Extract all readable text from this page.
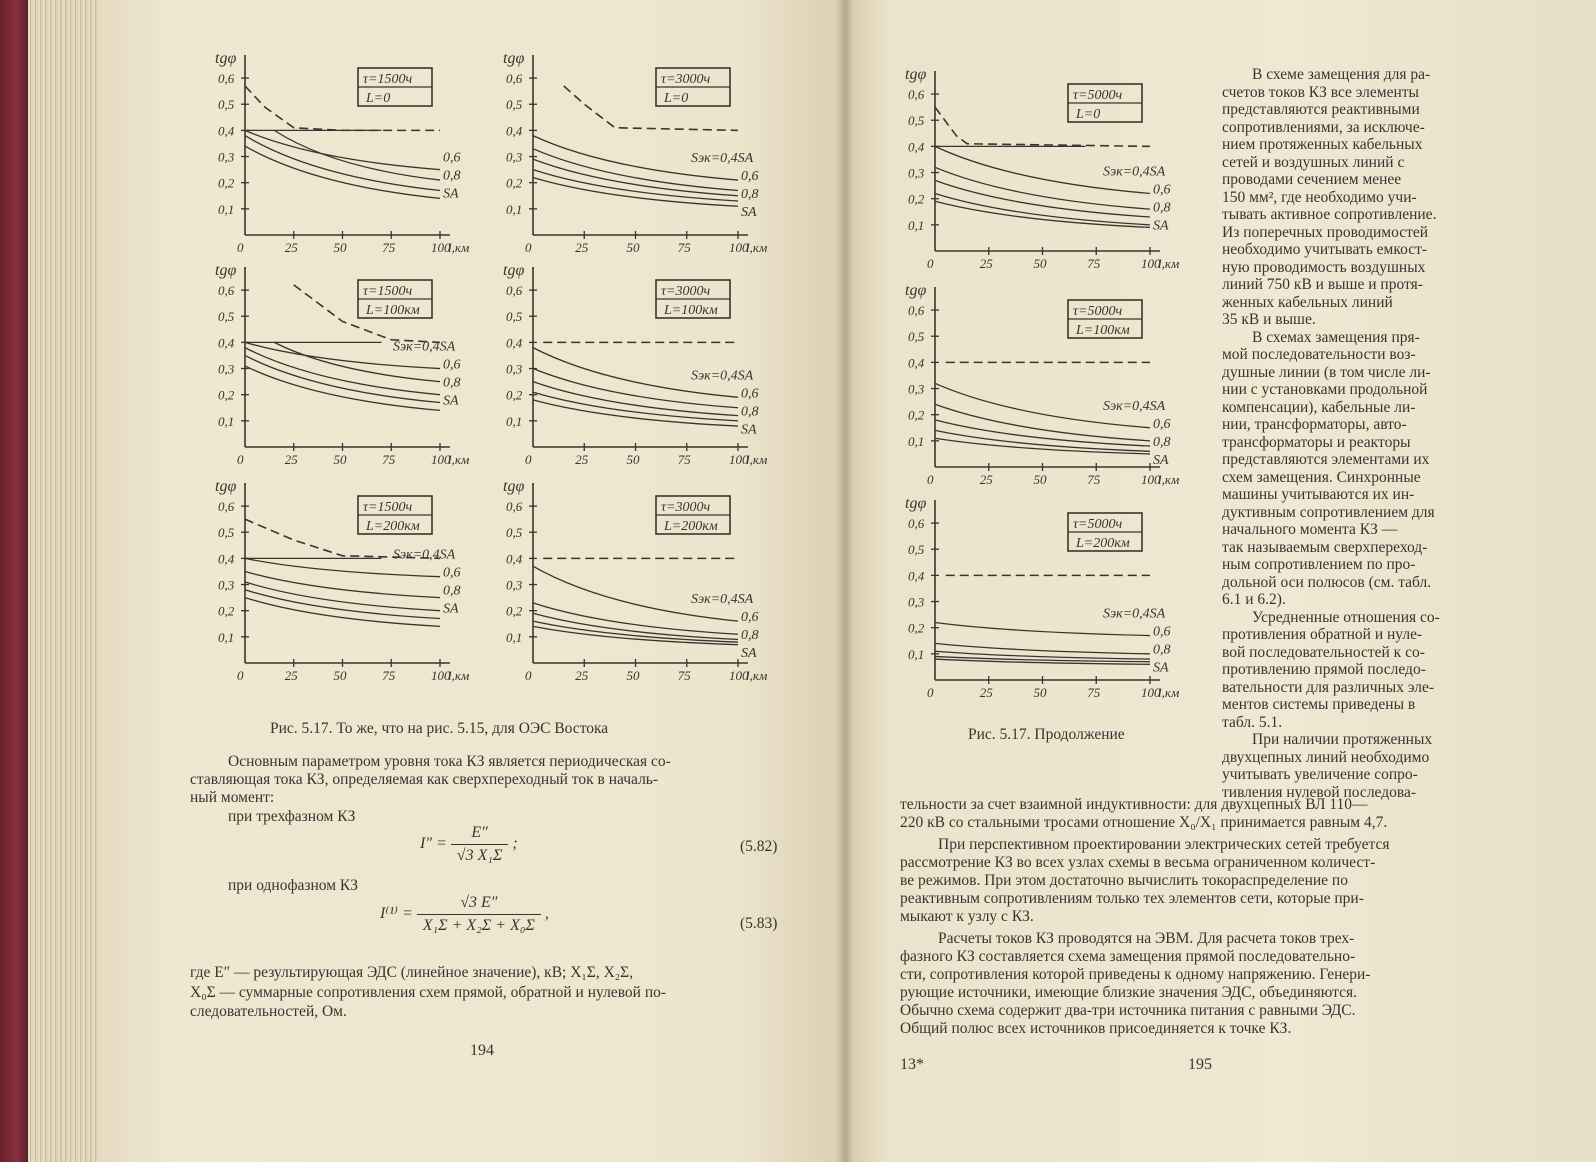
tgφ
0,1
0,2
0,3
0,4
0,5
0,6
0	25	50	75	100
l,км
τ=1500ч
L=0
0,6
0,8
SA
tgφ
0,1
0,2
0,3
0,4
0,5
0,6
0	25	50	75	100
l,км
τ=3000ч
L=0
Sэк=0,4SA
0,6
0,8
SA
tgφ
0,1
0,2
0,3
0,4
0,5
0,6
0	25	50	75	100
l,км
τ=1500ч
L=100км
Sэк=0,4SA
0,6
0,8
SA
tgφ
0,1
0,2
0,3
0,4
0,5
0,6
0	25	50	75	100
l,км
τ=3000ч
L=100км
Sэк=0,4SA
0,6
0,8
SA
tgφ
0,1
0,2
0,3
0,4
0,5
0,6
0	25	50	75	100
l,км
τ=1500ч
L=200км
Sэк=0,4SA
0,6
0,8
SA
tgφ
0,1
0,2
0,3
0,4
0,5
0,6
0	25	50	75	100
l,км
τ=3000ч
L=200км
Sэк=0,4SA
0,6
0,8
SA
tgφ
0,1
0,2
0,3
0,4
0,5
0,6
0	25	50	75	100
l,км
τ=5000ч
L=0
Sэк=0,4SA
0,6
0,8
SA
tgφ
0,1
0,2
0,3
0,4
0,5
0,6
0	25	50	75	100
l,км
τ=5000ч
L=100км
Sэк=0,4SA
0,6
0,8
SA
tgφ
0,1
0,2
0,3
0,4
0,5
0,6
0	25	50	75	100
l,км
τ=5000ч
L=200км
Sэк=0,4SA
0,6
0,8
SA
Рис. 5.17. То же, что на рис. 5.15, для ОЭС Востока
Основным параметром уровня тока КЗ является периодическая со-
ставляющая тока КЗ, определяемая как сверхпереходный ток в началь-
ный момент:
при трехфазном КЗ
$I'' = \frac{E''}{\text{√3 X₁Σ}}$ ;	(5.82)
при однофазном КЗ
$I^{(1)} = \frac{√3 E''}{\text{X₁Σ + X₂Σ + X₀Σ}}$ ,
(5.83)
где E″ — результирующая ЭДС (линейное значение), кВ; X₁Σ, X₂Σ,
X₀Σ — суммарные сопротивления схем прямой, обратной и нулевой по-
следовательностей, Ом.
194
Рис. 5.17. Продолжение

В схеме замещения для ра-

счетов токов КЗ все элементы

представляются реактивными

сопротивлениями, за исключе-

нием протяженных кабельных

сетей и воздушных линий с

проводами сечением менее

150 мм², где необходимо учи-

тывать активное сопротивление.

Из поперечных проводимостей

необходимо учитывать емкост-

ную проводимость воздушных

линий 750 кВ и выше и протя-

женных кабельных линий

35 кВ и выше.

В схемах замещения пря-

мой последовательности воз-

душные линии (в том числе ли-

нии с установками продольной

компенсации), кабельные ли-

нии, трансформаторы, авто-

трансформаторы и реакторы

представляются элементами их

схем замещения. Синхронные

машины учитываются их ин-

дуктивным сопротивлением для

начального момента КЗ —

так называемым сверхпереход-

ным сопротивлением по про-

дольной оси полюсов (см. табл.

6.1 и 6.2).

Усредненные отношения со-

противления обратной и нуле-

вой последовательностей к со-

противлению прямой последо-

вательности для различных эле-

ментов системы приведены в

табл. 5.1.

При наличии протяженных

двухцепных линий необходимо

учитывать увеличение сопро-

тивления нулевой последова-

тельности за счет взаимной индуктивности: для двухцепных ВЛ 110—
220 кВ со стальными тросами отношение X₀/X₁ принимается равным 4,7.
При перспективном проектировании электрических сетей требуется
рассмотрение КЗ во всех узлах схемы в весьма ограниченном количест-
ве режимов. При этом достаточно вычислить токораспределение по
реактивным сопротивлениям только тех элементов сети, которые при-
мыкают к узлу с КЗ.
Расчеты токов КЗ проводятся на ЭВМ. Для расчета токов трех-
фазного КЗ составляется схема замещения прямой последовательно-
сти, сопротивления которой приведены к одному напряжению. Генери-
рующие источники, имеющие близкие значения ЭДС, объединяются.
Обычно схема содержит два-три источника питания с равными ЭДС.
Общий полюс всех источников присоединяется к точке КЗ.
13*	195
